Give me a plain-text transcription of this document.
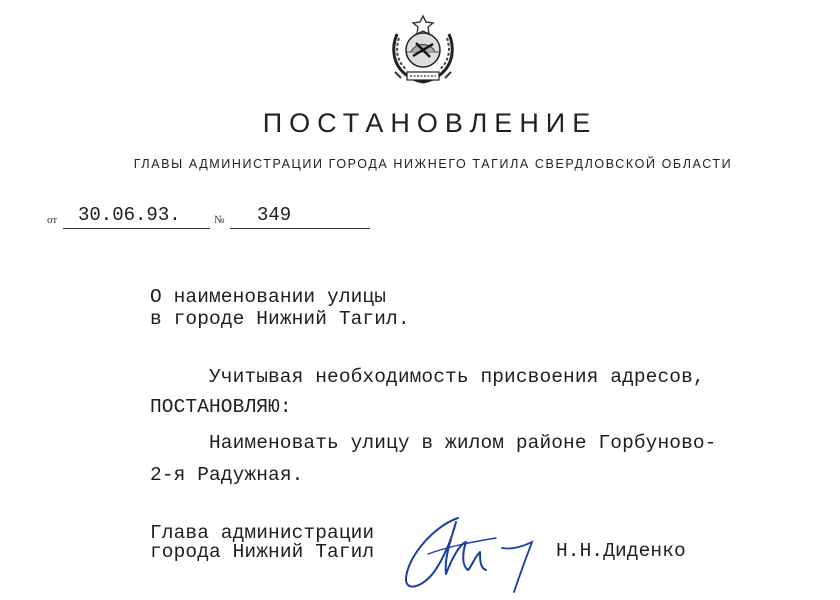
ПОСТАНОВЛЕНИЕ
ГЛАВЫ АДМИНИСТРАЦИИ ГОРОДА НИЖНЕГО ТАГИЛА СВЕРДЛОВСКОЙ ОБЛАСТИ
от 30.06.93.	№ 349
О наименовании улицы
в городе Нижний Тагил.
Учитывая необходимость присвоения адресов,
ПОСТАНОВЛЯЮ:
Наименовать улицу в жилом районе Горбуново-
2-я Радужная.
Глава администрации
города Нижний Тагил	Н.Н.Диденко
